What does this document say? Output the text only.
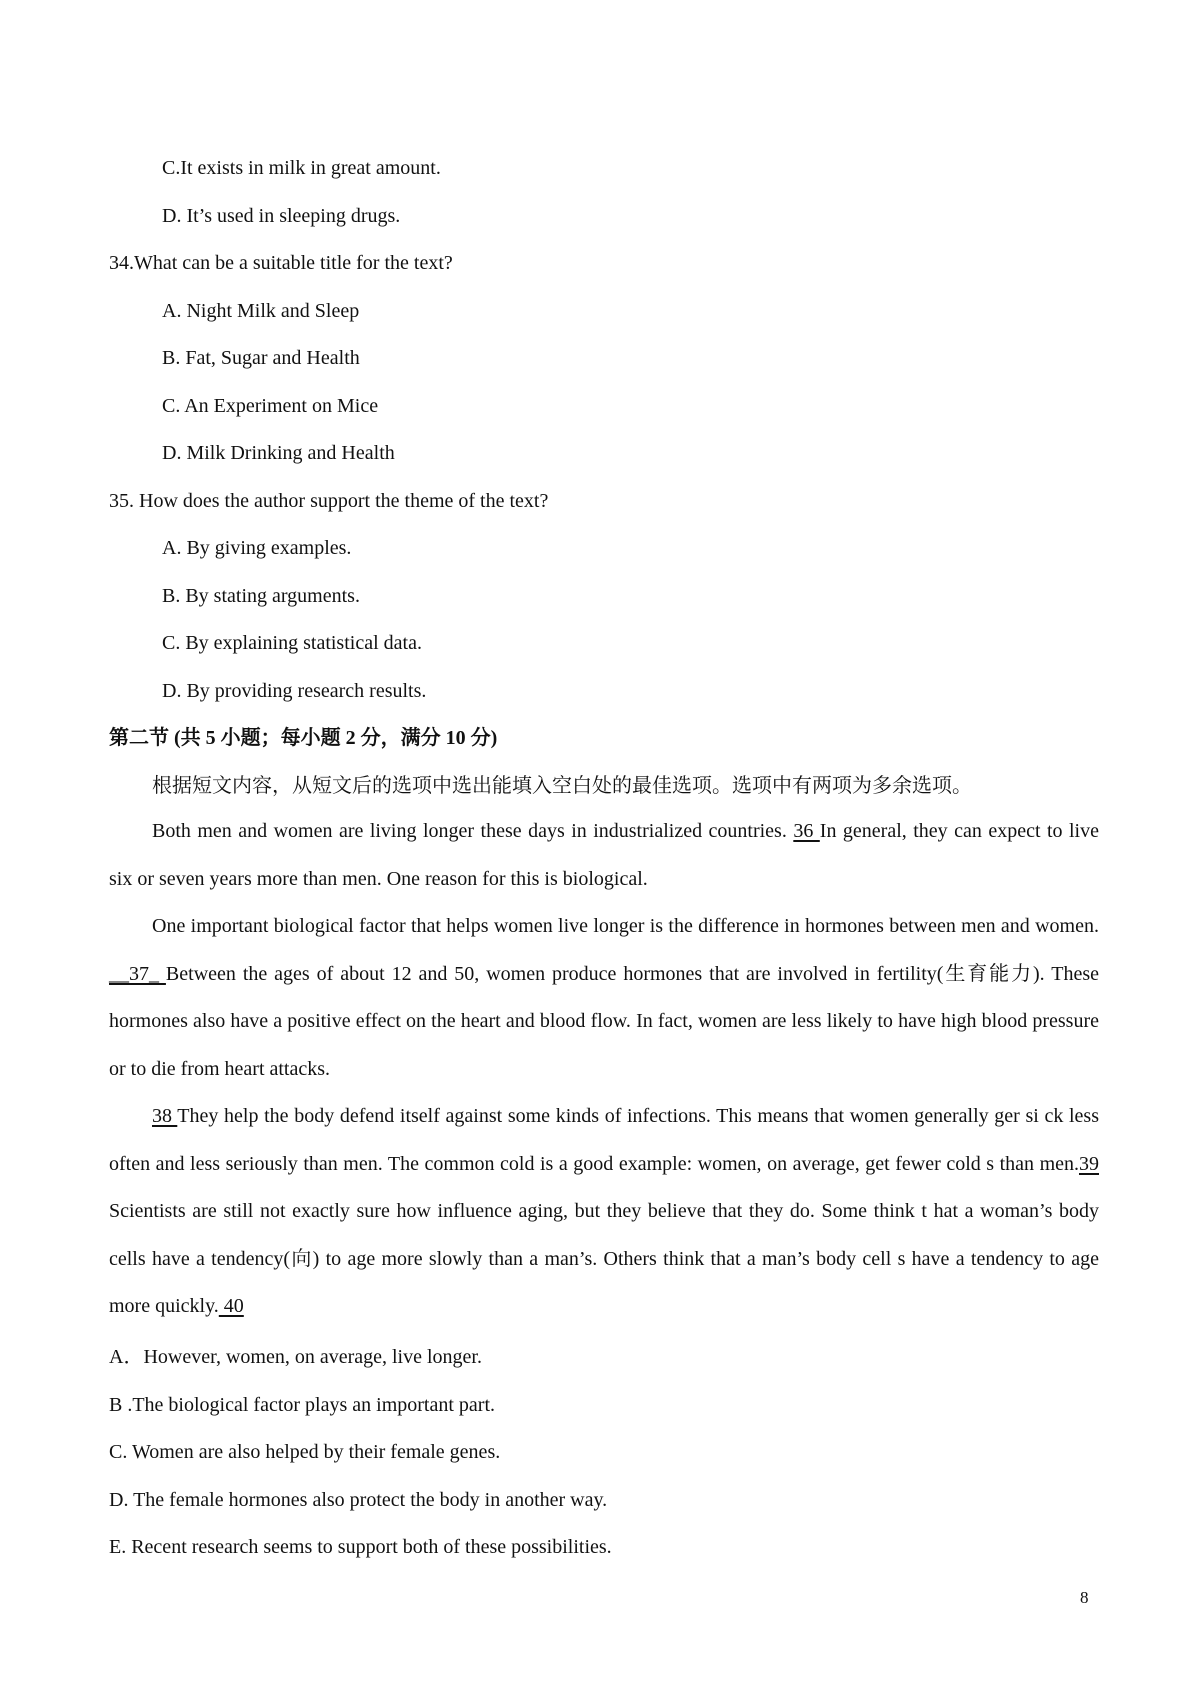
C.It exists in milk in great amount.
D. It’s used in sleeping drugs.
34.What can be a suitable title for the text?
A. Night Milk and Sleep
B. Fat, Sugar and Health
C. An Experiment on Mice
D. Milk Drinking and Health
35. How does the author support the theme of the text?
A. By giving examples.
B. By stating arguments.
C. By explaining statistical data.
D. By providing research results.
第二节 (共 5 小题；每小题 2 分，满分 10 分)
根据短文内容，从短文后的选项中选出能填入空白处的最佳选项。选项中有两项为多余选项。
Both men and women are living longer these days in industrialized countries. 36 In general, they can expect to live six or seven years more than men. One reason for this is biological.
One important biological factor that helps women live longer is the difference in hormones between men and women. __37_ Between the ages of about 12 and 50, women produce hormones that are involved in fertility(生育能力). These hormones also have a positive effect on the heart and blood flow. In fact, women are less likely to have high blood pressure or to die from heart attacks.
38 They help the body defend itself against some kinds of infections. This means that women generally ger si ck less often and less seriously than men. The common cold is a good example: women, on average, get fewer cold s than men.39 Scientists are still not exactly sure how influence aging, but they believe that they do. Some think t hat a woman’s body cells have a tendency(向) to age more slowly than a man’s. Others think that a man’s body cell s have a tendency to age more quickly. 40
A．However, women, on average, live longer.
B .The biological factor plays an important part.
C. Women are also helped by their female genes.
D. The female hormones also protect the body in another way.
E. Recent research seems to support both of these possibilities.
8
